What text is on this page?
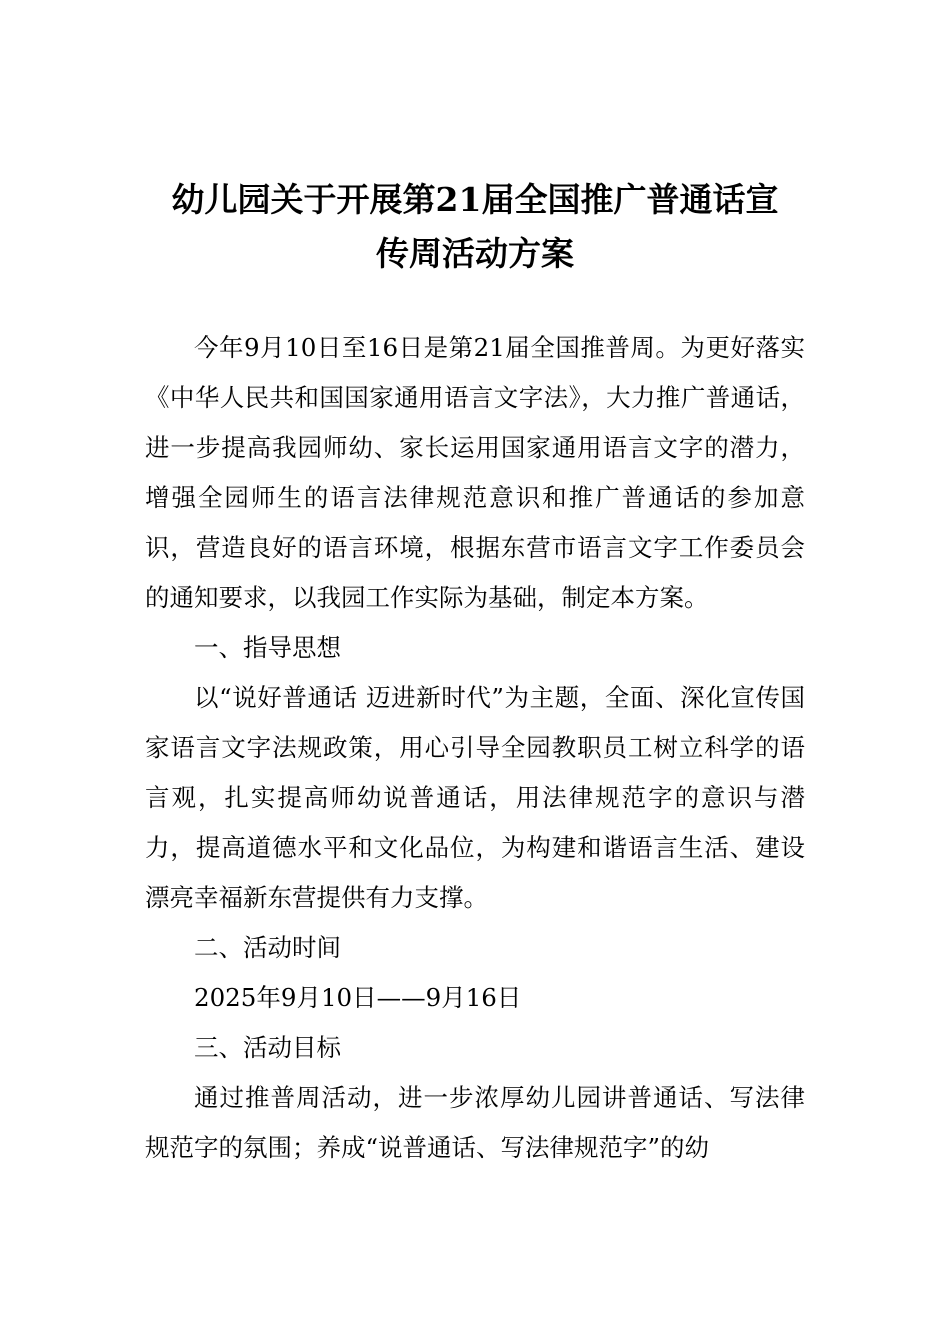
幼儿园关于开展第21届全国推广普通话宣
传周活动方案

今年9月10日至16日是第21届全国推普周。为更好落实《中华人民共和国国家通用语言文字法》，大力推广普通话，进一步提高我园师幼、家长运用国家通用语言文字的潜力，增强全园师生的语言法律规范意识和推广普通话的参加意识，营造良好的语言环境，根据东营市语言文字工作委员会的通知要求，以我园工作实际为基础，制定本方案。

一、指导思想

以“说好普通话 迈进新时代”为主题，全面、深化宣传国家语言文字法规政策，用心引导全园教职员工树立科学的语言观，扎实提高师幼说普通话，用法律规范字的意识与潜力，提高道德水平和文化品位，为构建和谐语言生活、建设漂亮幸福新东营提供有力支撑。

二、活动时间

2025年9月10日——9月16日

三、活动目标

通过推普周活动，进一步浓厚幼儿园讲普通话、写法律规范字的氛围；养成“说普通话、写法律规范字”的幼
